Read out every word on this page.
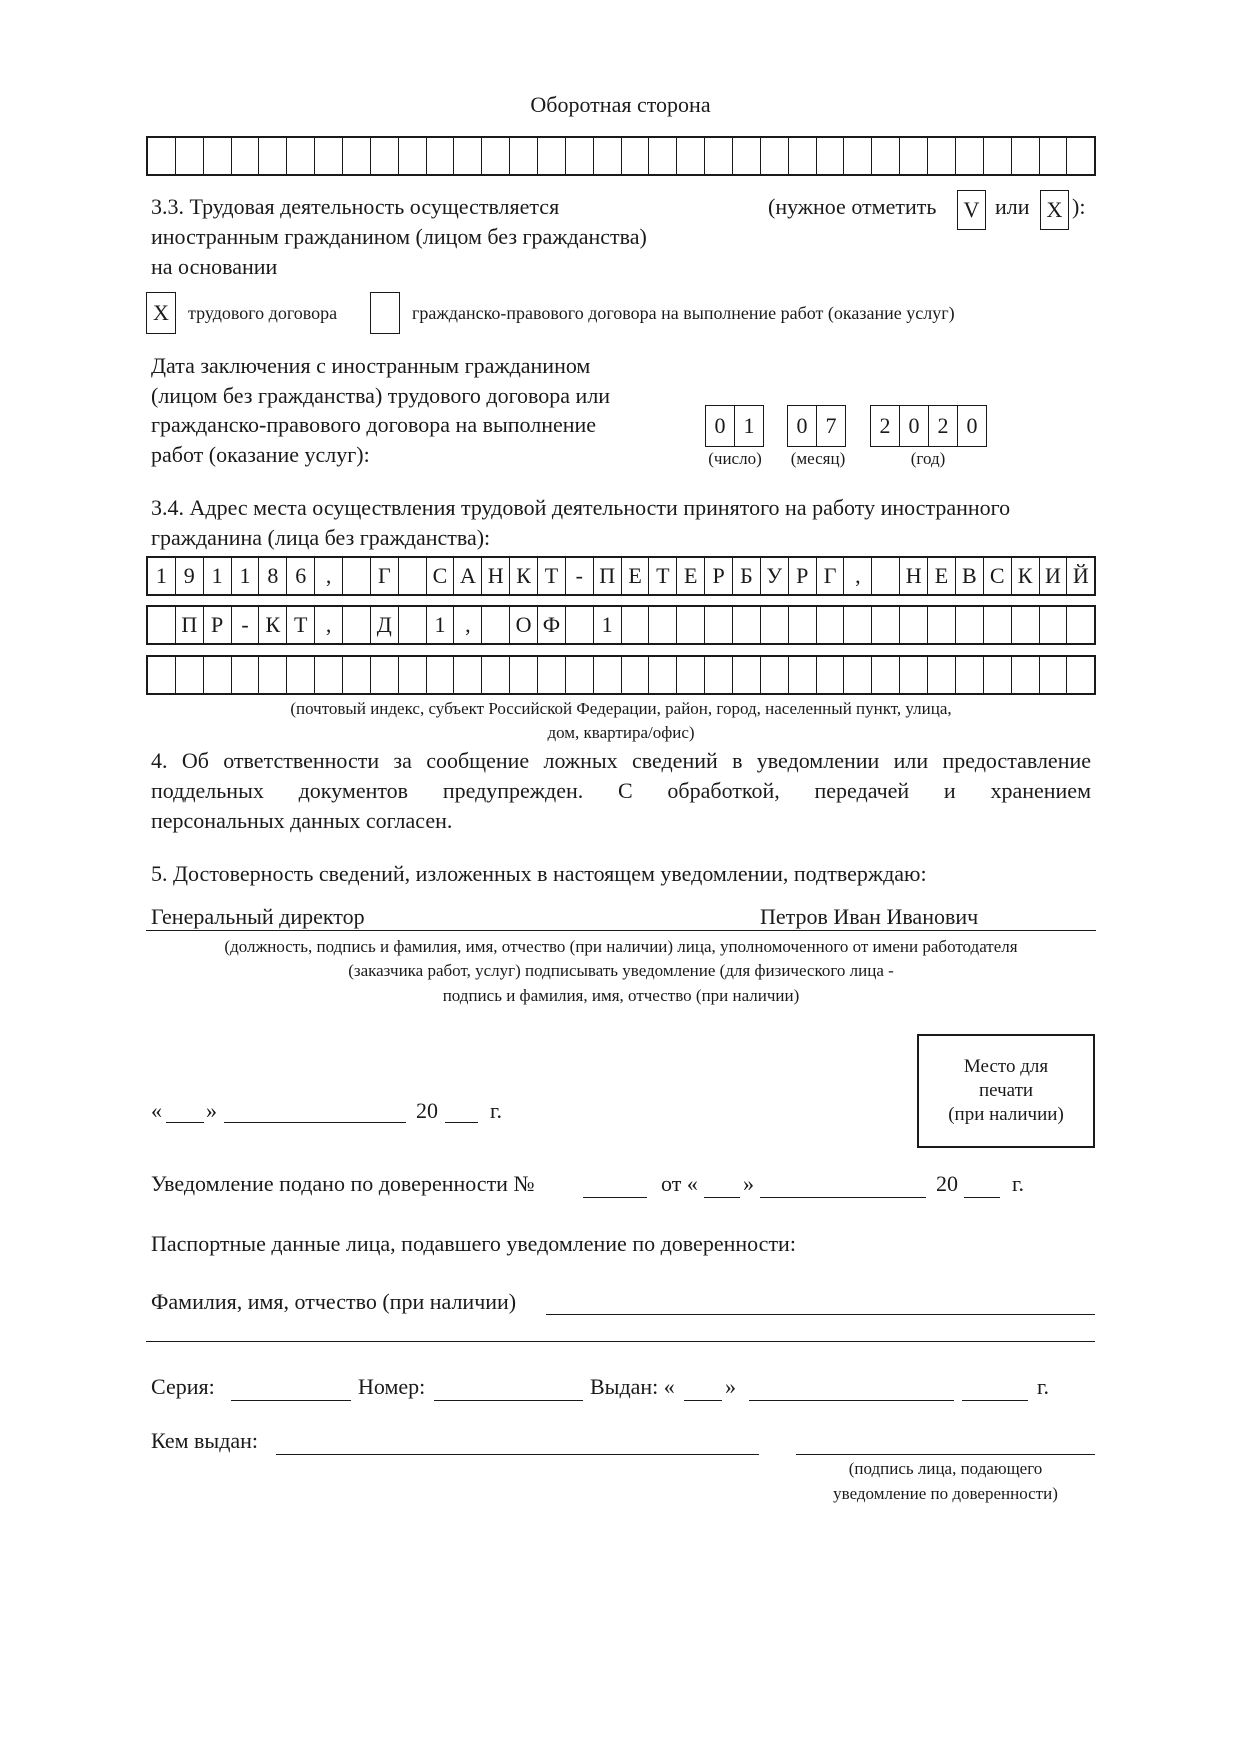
Оборотная сторона
3.3. Трудовая деятельность осуществляется
иностранным гражданином (лицом без гражданства)
на основании
(нужное отметить V или X ):
X	трудового договора	гражданско-правового договора на выполнение работ (оказание услуг)
Дата заключения с иностранным гражданином
(лицом без гражданства) трудового договора или
гражданско-правового договора на выполнение
работ (оказание услуг):
0 1	0 7	2 0 2 0
(число)	(месяц)	(год)
3.4. Адрес места осуществления трудовой деятельности принятого на работу иностранного
гражданина (лица без гражданства):
1 9 1 1 8 6 ,	Г	С А Н К Т - П Е Т Е Р Б У Р Г ,	Н Е В С К И Й
П Р - К Т ,	Д	1 ,	О Ф	1
(почтовый индекс, субъект Российской Федерации, район, город, населенный пункт, улица,
дом, квартира/офис)
4. Об ответственности за сообщение ложных сведений в уведомлении или предоставление
поддельных документов предупрежден. С обработкой, передачей и хранением
персональных данных согласен.
5. Достоверность сведений, изложенных в настоящем уведомлении, подтверждаю:
Генеральный директор	Петров Иван Иванович
(должность, подпись и фамилия, имя, отчество (при наличии) лица, уполномоченного от имени работодателя
(заказчика работ, услуг) подписывать уведомление (для физического лица -
подпись и фамилия, имя, отчество (при наличии)
« »	20 г.
Место для
печати
(при наличии)
Уведомление подано по доверенности №	от « »	20 г.
Паспортные данные лица, подавшего уведомление по доверенности:
Фамилия, имя, отчество (при наличии)
Серия:	Номер:	Выдан: « »	г.
Кем выдан:
(подпись лица, подающего
уведомление по доверенности)
